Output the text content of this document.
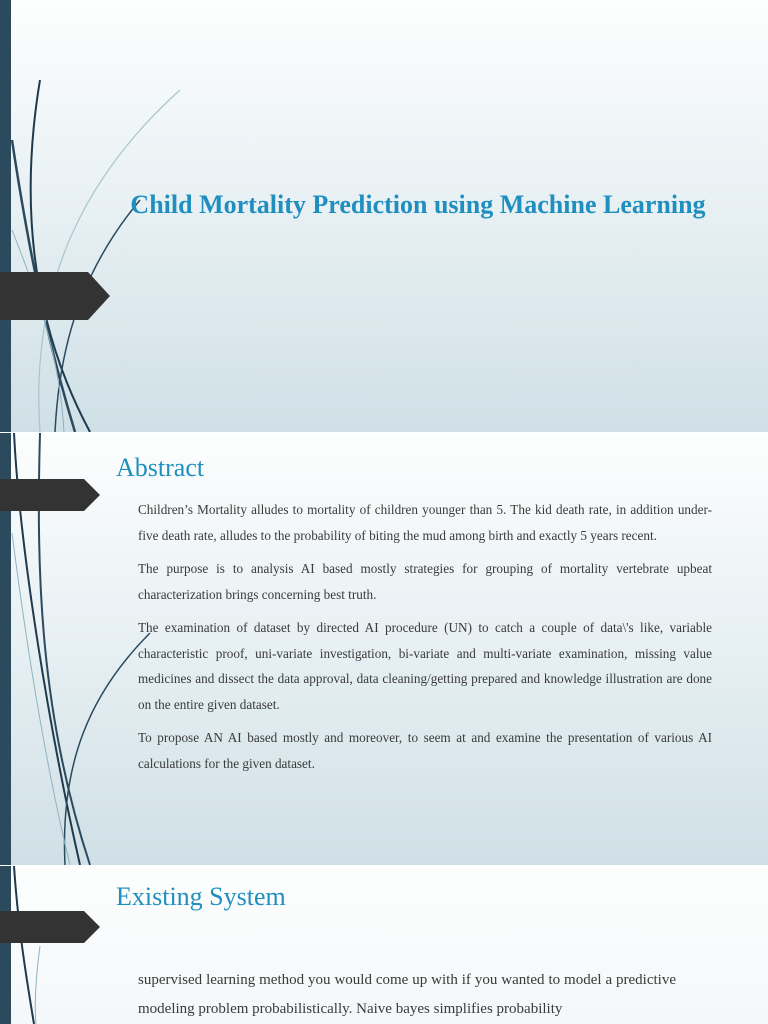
Child Mortality Prediction using Machine Learning
Abstract
Children’s Mortality alludes to mortality of children younger than 5. The kid death rate, in addition under-five death rate, alludes to the probability of biting the mud among birth and exactly 5 years recent.
The purpose is to analysis AI based mostly strategies for grouping of mortality vertebrate upbeat characterization brings concerning best truth.
The examination of dataset by directed AI procedure (UN) to catch a couple of data\'s like, variable characteristic proof, uni-variate investigation, bi-variate and multi-variate examination, missing value medicines and dissect the data approval, data cleaning/getting prepared and knowledge illustration are done on the entire given dataset.
To propose AN AI based mostly and moreover, to seem at and examine the presentation of various AI calculations for the given dataset.
Existing System
supervised learning method you would come up with if you wanted to model a predictive modeling problem probabilistically. Naive bayes simplifies probability
